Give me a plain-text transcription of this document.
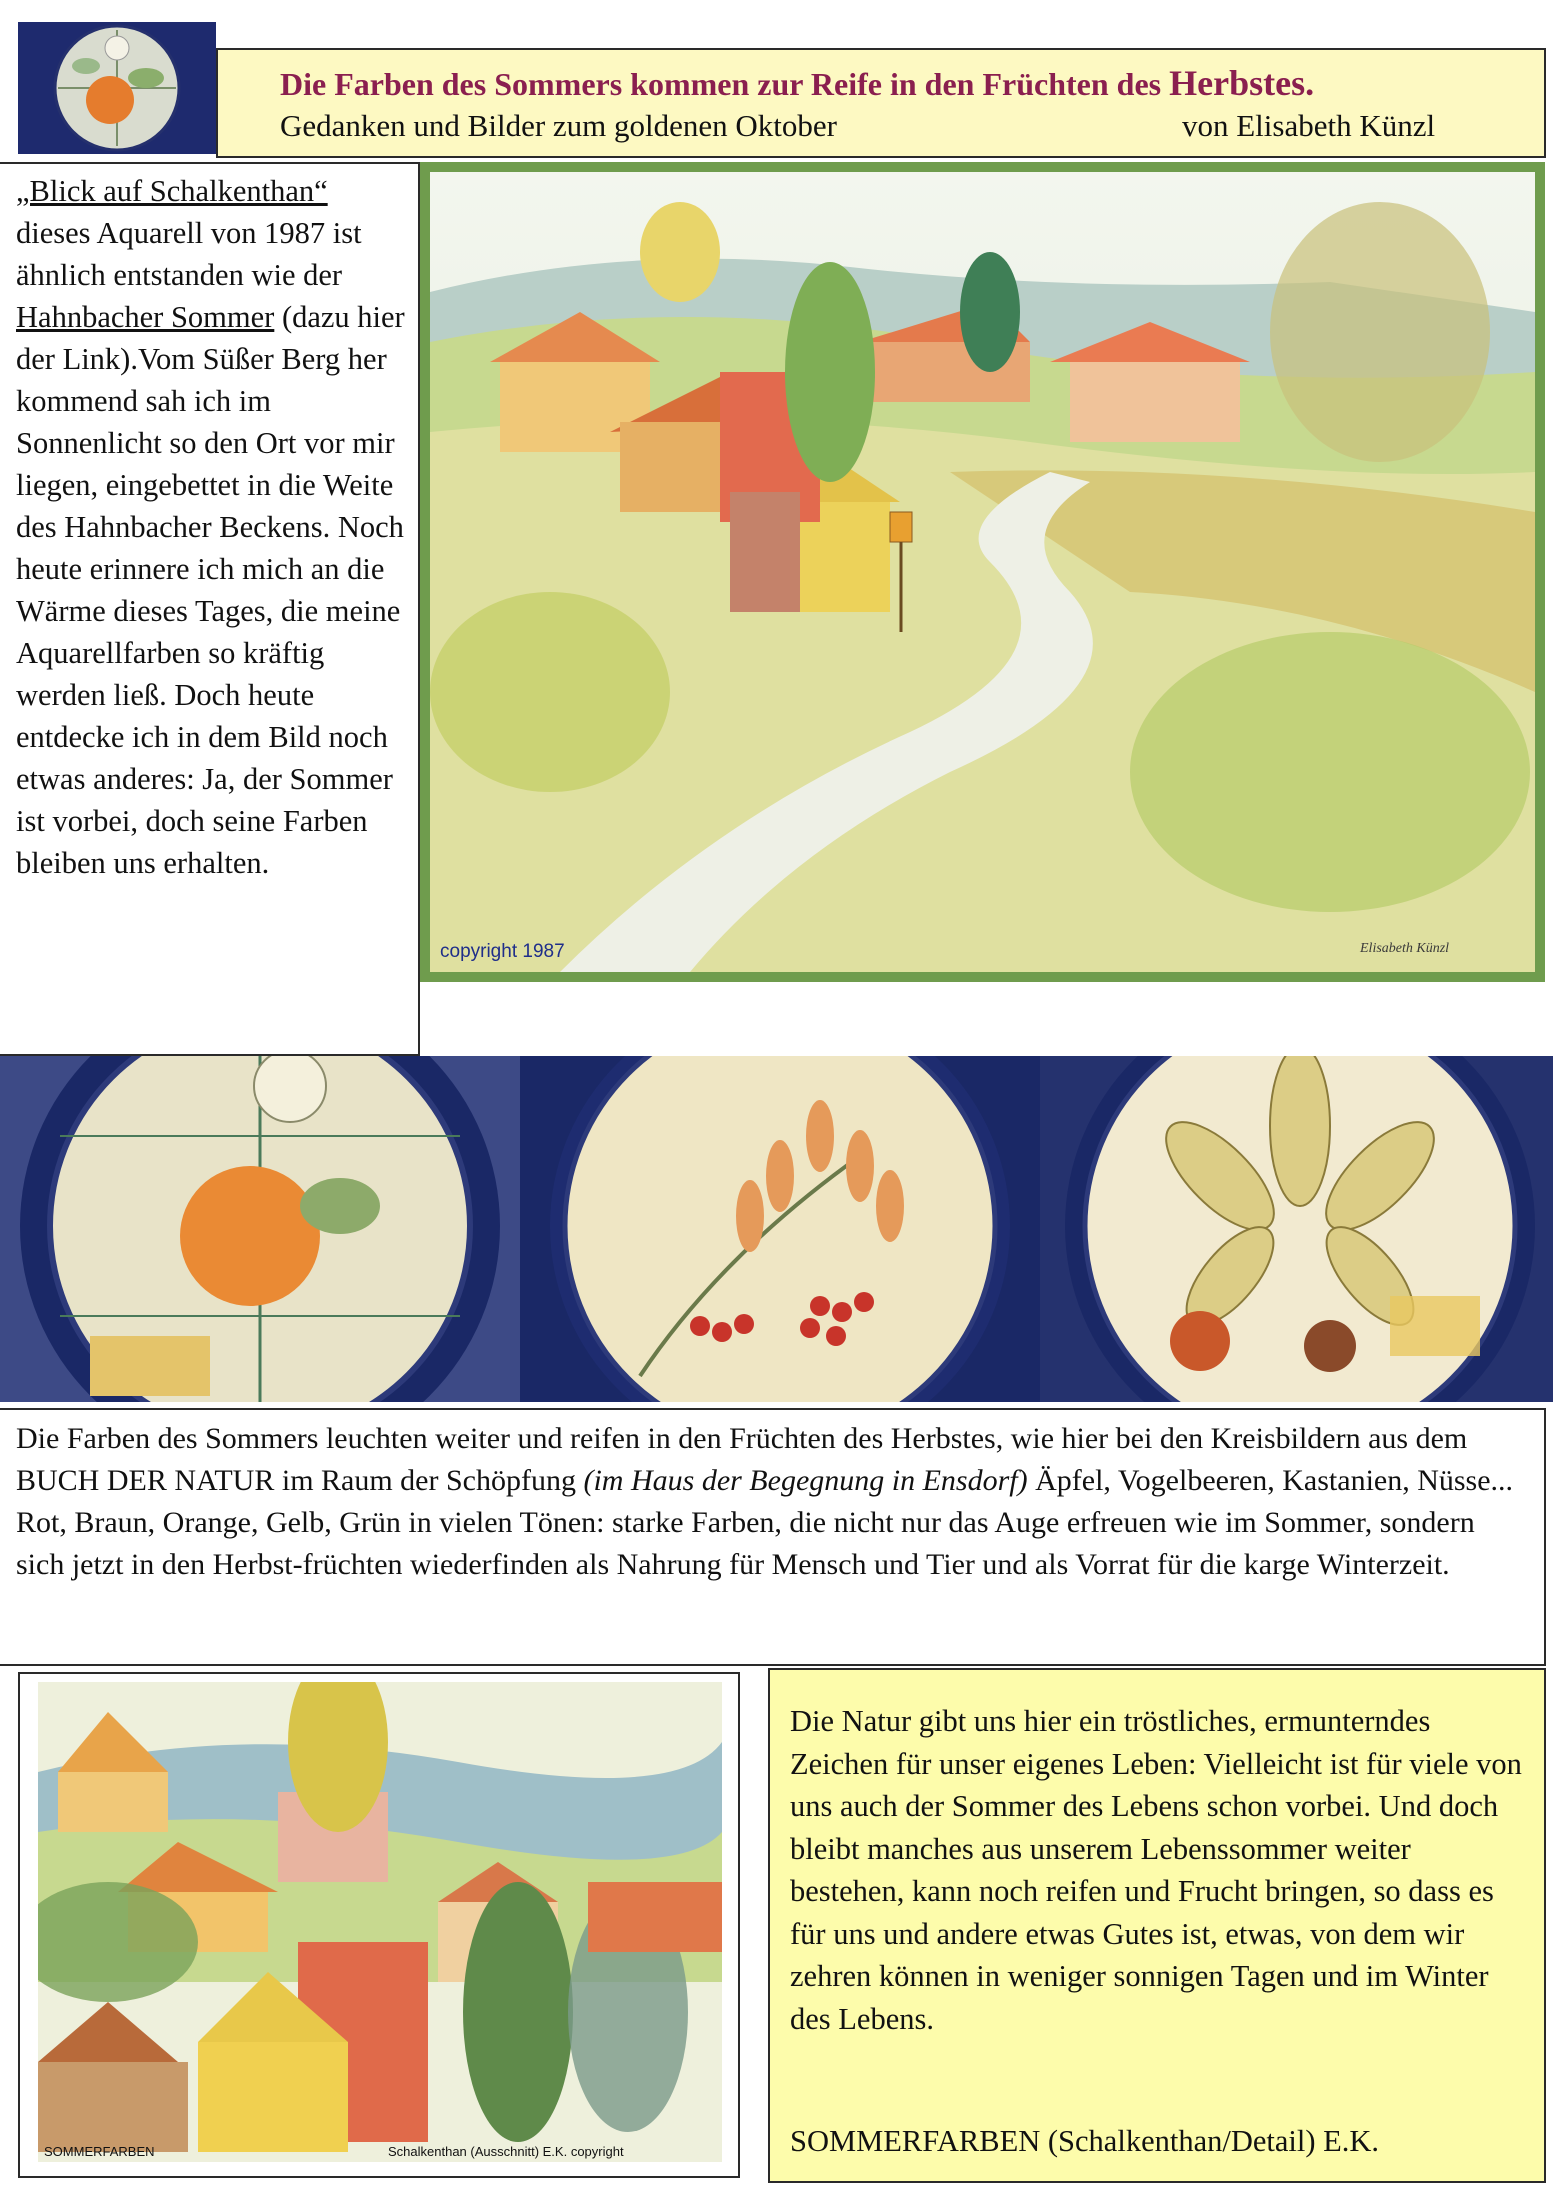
Die Farben des Sommers kommen zur Reife in den Früchten des Herbstes.
Gedanken und Bilder zum goldenen Oktober	von Elisabeth Künzl
„Blick auf Schalkenthan“ dieses Aquarell von 1987 ist ähnlich entstanden wie der Hahnbacher Sommer (dazu hier der Link).Vom Süßer Berg her kommend sah ich im Sonnenlicht so den Ort vor mir liegen, eingebettet in die Weite des Hahnbacher Beckens. Noch heute erinnere ich mich an die Wärme dieses Tages, die meine Aquarellfarben so kräftig werden ließ. Doch heute entdecke ich in dem Bild noch etwas anderes: Ja, der Sommer ist vorbei, doch seine Farben bleiben uns erhalten.
copyright 1987	Elisabeth Künzl
Die Farben des Sommers leuchten weiter und reifen in den Früchten des Herbstes, wie hier bei den Kreisbildern aus dem BUCH DER NATUR im Raum der Schöpfung (im Haus der Begegnung in Ensdorf) Äpfel, Vogelbeeren, Kastanien, Nüsse... Rot, Braun, Orange, Gelb, Grün in vielen Tönen: starke Farben, die nicht nur das Auge erfreuen wie im Sommer, sondern sich jetzt in den Herbst-früchten wiederfinden als Nahrung für Mensch und Tier und als Vorrat für die karge Winterzeit.
SOMMERFARBEN	Schalkenthan (Ausschnitt) E.K. copyright
Die Natur gibt uns hier ein tröstliches, ermunterndes Zeichen für unser eigenes Leben: Vielleicht ist für viele von uns auch der Sommer des Lebens schon vorbei. Und doch bleibt manches aus unserem Lebenssommer weiter bestehen, kann noch reifen und Frucht bringen, so dass es für uns und andere etwas Gutes ist, etwas, von dem wir zehren können in weniger sonnigen Tagen und im Winter des Lebens.
SOMMERFARBEN (Schalkenthan/Detail) E.K.
